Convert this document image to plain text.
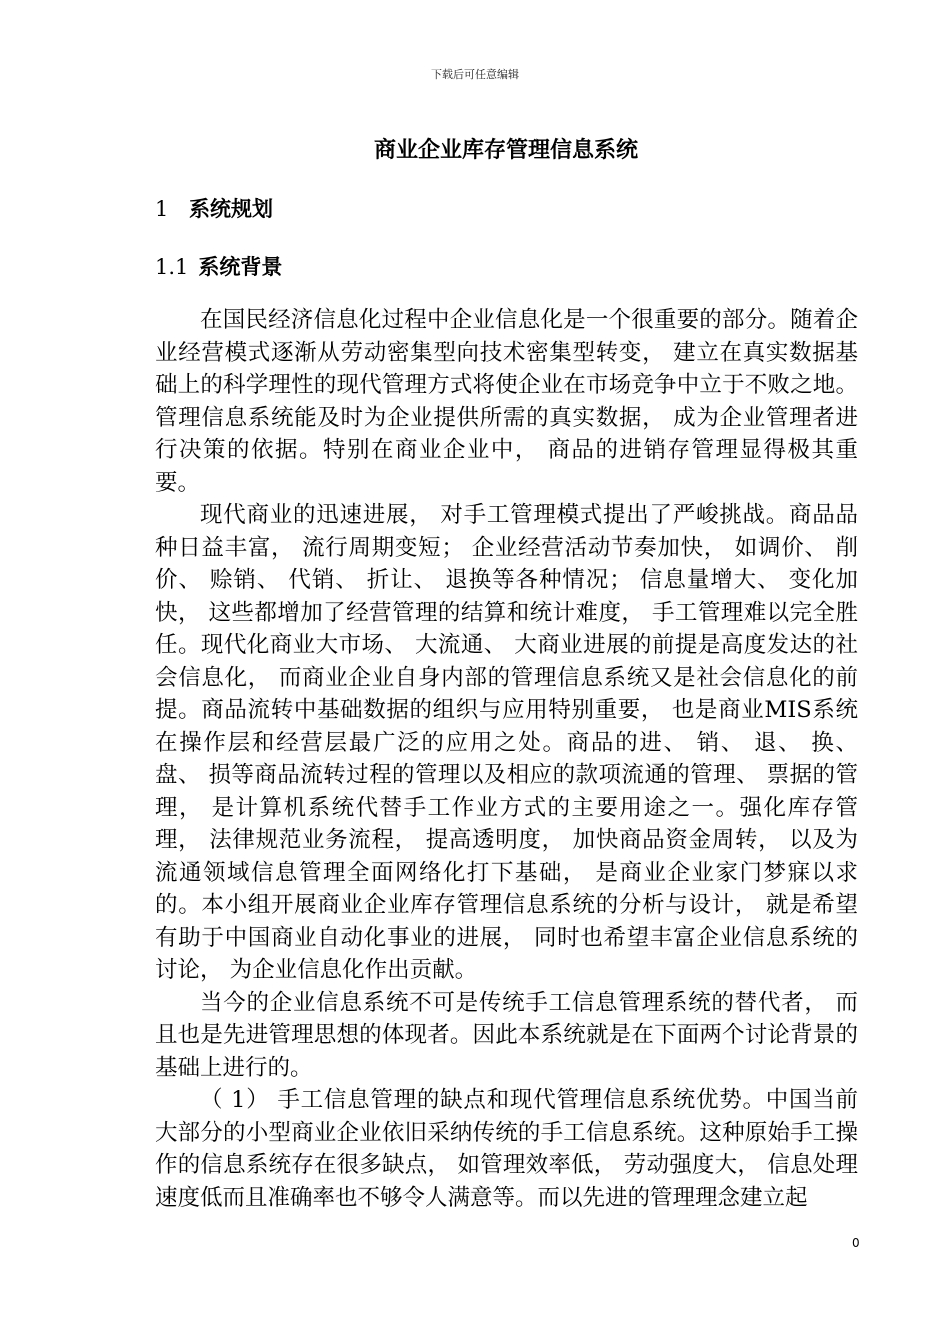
下载后可任意编辑
商业企业库存管理信息系统
1 系统规划
1.1 系统背景

在国民经济信息化过程中企业信息化是一个很重要的部分。随着企业经营模式逐渐从劳动密集型向技术密集型转变， 建立在真实数据基础上的科学理性的现代管理方式将使企业在市场竞争中立于不败之地。管理信息系统能及时为企业提供所需的真实数据， 成为企业管理者进行决策的依据。特别在商业企业中， 商品的进销存管理显得极其重要。

现代商业的迅速进展， 对手工管理模式提出了严峻挑战。商品品种日益丰富， 流行周期变短； 企业经营活动节奏加快， 如调价、 削价、 赊销、 代销、 折让、 退换等各种情况； 信息量增大、 变化加快， 这些都增加了经营管理的结算和统计难度， 手工管理难以完全胜任。现代化商业大市场、 大流通、 大商业进展的前提是高度发达的社会信息化， 而商业企业自身内部的管理信息系统又是社会信息化的前提。商品流转中基础数据的组织与应用特别重要， 也是商业MIS系统在操作层和经营层最广泛的应用之处。商品的进、 销、 退、 换、 盘、 损等商品流转过程的管理以及相应的款项流通的管理、 票据的管理， 是计算机系统代替手工作业方式的主要用途之一。强化库存管理， 法律规范业务流程， 提高透明度， 加快商品资金周转， 以及为流通领域信息管理全面网络化打下基础， 是商业企业家门梦寐以求的。本小组开展商业企业库存管理信息系统的分析与设计， 就是希望有助于中国商业自动化事业的进展， 同时也希望丰富企业信息系统的讨论， 为企业信息化作出贡献。

当今的企业信息系统不可是传统手工信息管理系统的替代者， 而且也是先进管理思想的体现者。因此本系统就是在下面两个讨论背景的基础上进行的。

（ 1） 手工信息管理的缺点和现代管理信息系统优势。中国当前大部分的小型商业企业依旧采纳传统的手工信息系统。这种原始手工操作的信息系统存在很多缺点， 如管理效率低， 劳动强度大， 信息处理速度低而且准确率也不够令人满意等。而以先进的管理理念建立起

0
